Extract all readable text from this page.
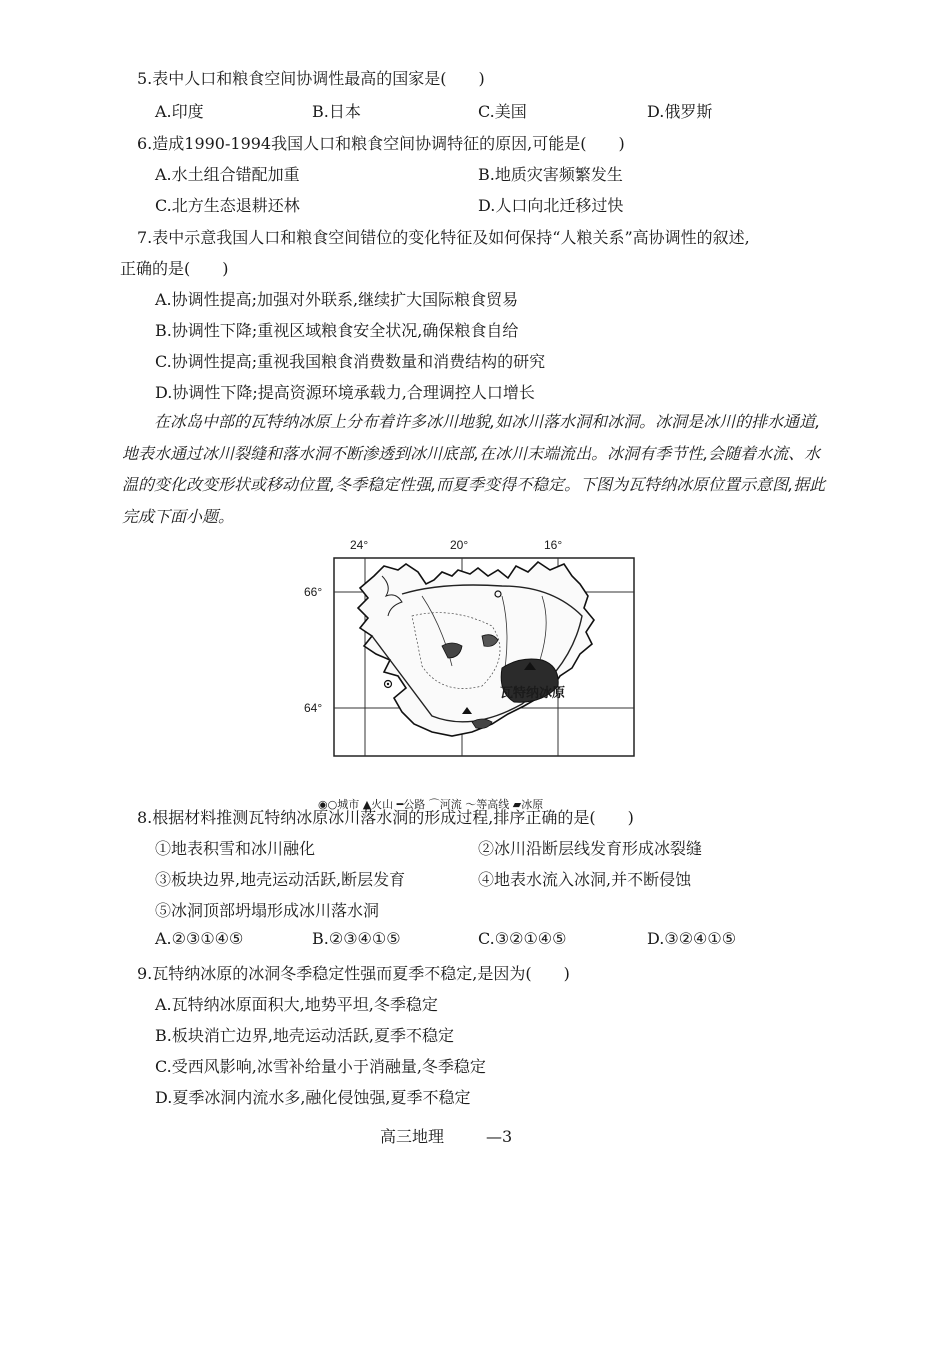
5.表中人口和粮食空间协调性最高的国家是(　　)
A.印度	B.日本	C.美国	D.俄罗斯
6.造成1990-1994我国人口和粮食空间协调特征的原因,可能是(　　)
A.水土组合错配加重	B.地质灾害频繁发生
C.北方生态退耕还林	D.人口向北迁移过快
7.表中示意我国人口和粮食空间错位的变化特征及如何保持“人粮关系”高协调性的叙述,
正确的是(　　)
A.协调性提高;加强对外联系,继续扩大国际粮食贸易
B.协调性下降;重视区域粮食安全状况,确保粮食自给
C.协调性提高;重视我国粮食消费数量和消费结构的研究
D.协调性下降;提高资源环境承载力,合理调控人口增长

在冰岛中部的瓦特纳冰原上分布着许多冰川地貌,如冰川落水洞和冰洞。冰洞是冰川的排水通道,地表水通过冰川裂缝和落水洞不断渗透到冰川底部,在冰川末端流出。冰洞有季节性,会随着水流、水温的变化改变形状或移动位置,冬季稳定性强,而夏季变得不稳定。下图为瓦特纳冰原位置示意图,据此完成下面小题。

24°	20°	16°
66°
64°
瓦特纳冰原
◉○城市 ▲火山 ━公路 ⌒河流 ～等高线 ▰冰原
8.根据材料推测瓦特纳冰原冰川落水洞的形成过程,排序正确的是(　　)
①地表积雪和冰川融化	②冰川沿断层线发育形成冰裂缝
③板块边界,地壳运动活跃,断层发育	④地表水流入冰洞,并不断侵蚀
⑤冰洞顶部坍塌形成冰川落水洞
A.②③①④⑤	B.②③④①⑤	C.③②①④⑤	D.③②④①⑤
9.瓦特纳冰原的冰洞冬季稳定性强而夏季不稳定,是因为(　　)
A.瓦特纳冰原面积大,地势平坦,冬季稳定
B.板块消亡边界,地壳运动活跃,夏季不稳定
C.受西风影响,冰雪补给量小于消融量,冬季稳定
D.夏季冰洞内流水多,融化侵蚀强,夏季不稳定
高三地理	—3
